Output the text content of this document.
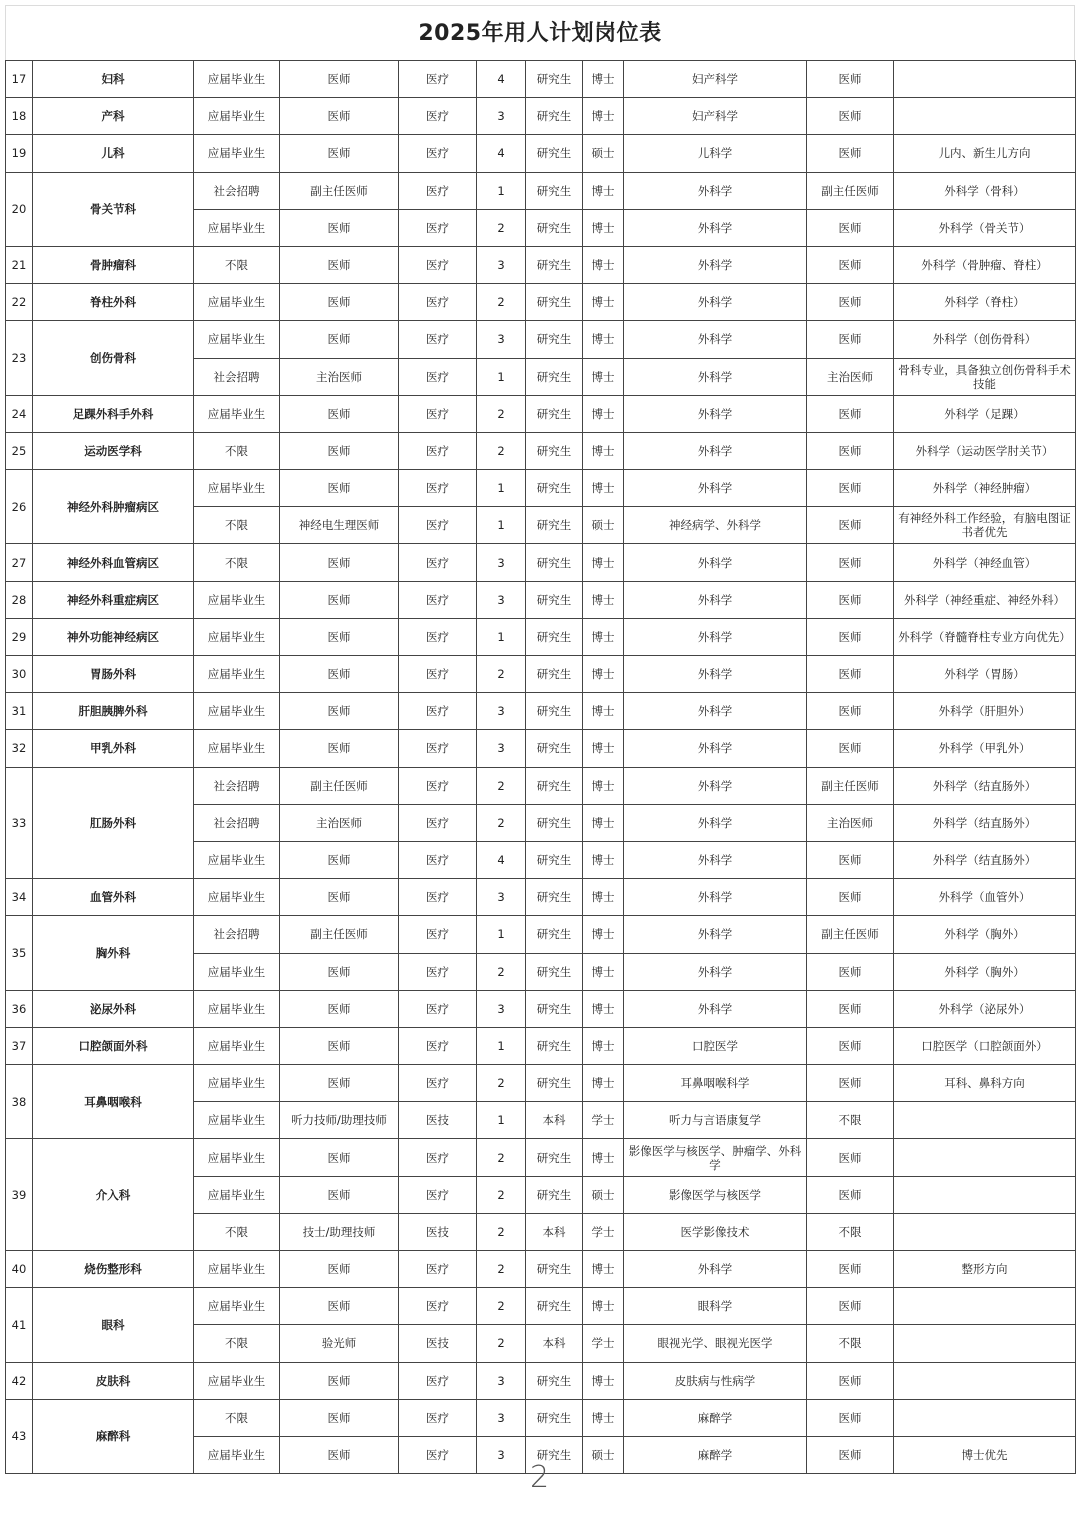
2025年用人计划岗位表
17	妇科	应届毕业生	医师	医疗	4	研究生	博士	妇产科学	医师	
18	产科	应届毕业生	医师	医疗	3	研究生	博士	妇产科学	医师	
19	儿科	应届毕业生	医师	医疗	4	研究生	硕士	儿科学	医师	儿内、新生儿方向
20	骨关节科	社会招聘	副主任医师	医疗	1	研究生	博士	外科学	副主任医师	外科学（骨科）
		应届毕业生	医师	医疗	2	研究生	博士	外科学	医师	外科学（骨关节）
21	骨肿瘤科	不限	医师	医疗	3	研究生	博士	外科学	医师	外科学（骨肿瘤、脊柱）
22	脊柱外科	应届毕业生	医师	医疗	2	研究生	博士	外科学	医师	外科学（脊柱）
23	创伤骨科	应届毕业生	医师	医疗	3	研究生	博士	外科学	医师	外科学（创伤骨科）
		社会招聘	主治医师	医疗	1	研究生	博士	外科学	主治医师	骨科专业，具备独立创伤骨科手术技能
24	足踝外科手外科	应届毕业生	医师	医疗	2	研究生	博士	外科学	医师	外科学（足踝）
25	运动医学科	不限	医师	医疗	2	研究生	博士	外科学	医师	外科学（运动医学肘关节）
26	神经外科肿瘤病区	应届毕业生	医师	医疗	1	研究生	博士	外科学	医师	外科学（神经肿瘤）
		不限	神经电生理医师	医疗	1	研究生	硕士	神经病学、外科学	医师	有神经外科工作经验，有脑电图证书者优先
27	神经外科血管病区	不限	医师	医疗	3	研究生	博士	外科学	医师	外科学（神经血管）
28	神经外科重症病区	应届毕业生	医师	医疗	3	研究生	博士	外科学	医师	外科学（神经重症、神经外科）
29	神外功能神经病区	应届毕业生	医师	医疗	1	研究生	博士	外科学	医师	外科学（脊髓脊柱专业方向优先）
30	胃肠外科	应届毕业生	医师	医疗	2	研究生	博士	外科学	医师	外科学（胃肠）
31	肝胆胰脾外科	应届毕业生	医师	医疗	3	研究生	博士	外科学	医师	外科学（肝胆外）
32	甲乳外科	应届毕业生	医师	医疗	3	研究生	博士	外科学	医师	外科学（甲乳外）
33	肛肠外科	社会招聘	副主任医师	医疗	2	研究生	博士	外科学	副主任医师	外科学（结直肠外）
		社会招聘	主治医师	医疗	2	研究生	博士	外科学	主治医师	外科学（结直肠外）
		应届毕业生	医师	医疗	4	研究生	博士	外科学	医师	外科学（结直肠外）
34	血管外科	应届毕业生	医师	医疗	3	研究生	博士	外科学	医师	外科学（血管外）
35	胸外科	社会招聘	副主任医师	医疗	1	研究生	博士	外科学	副主任医师	外科学（胸外）
		应届毕业生	医师	医疗	2	研究生	博士	外科学	医师	外科学（胸外）
36	泌尿外科	应届毕业生	医师	医疗	3	研究生	博士	外科学	医师	外科学（泌尿外）
37	口腔颌面外科	应届毕业生	医师	医疗	1	研究生	博士	口腔医学	医师	口腔医学（口腔颌面外）
38	耳鼻咽喉科	应届毕业生	医师	医疗	2	研究生	博士	耳鼻咽喉科学	医师	耳科、鼻科方向
		应届毕业生	听力技师/助理技师	医技	1	本科	学士	听力与言语康复学	不限	
39	介入科	应届毕业生	医师	医疗	2	研究生	博士	影像医学与核医学、肿瘤学、外科学	医师	
		应届毕业生	医师	医疗	2	研究生	硕士	影像医学与核医学	医师	
		不限	技士/助理技师	医技	2	本科	学士	医学影像技术	不限	
40	烧伤整形科	应届毕业生	医师	医疗	2	研究生	博士	外科学	医师	整形方向
41	眼科	应届毕业生	医师	医疗	2	研究生	博士	眼科学	医师	
		不限	验光师	医技	2	本科	学士	眼视光学、眼视光医学	不限	
42	皮肤科	应届毕业生	医师	医疗	3	研究生	博士	皮肤病与性病学	医师	
43	麻醉科	不限	医师	医疗	3	研究生	博士	麻醉学	医师	
		应届毕业生	医师	医疗	3	研究生	硕士	麻醉学	医师	博士优先
2
